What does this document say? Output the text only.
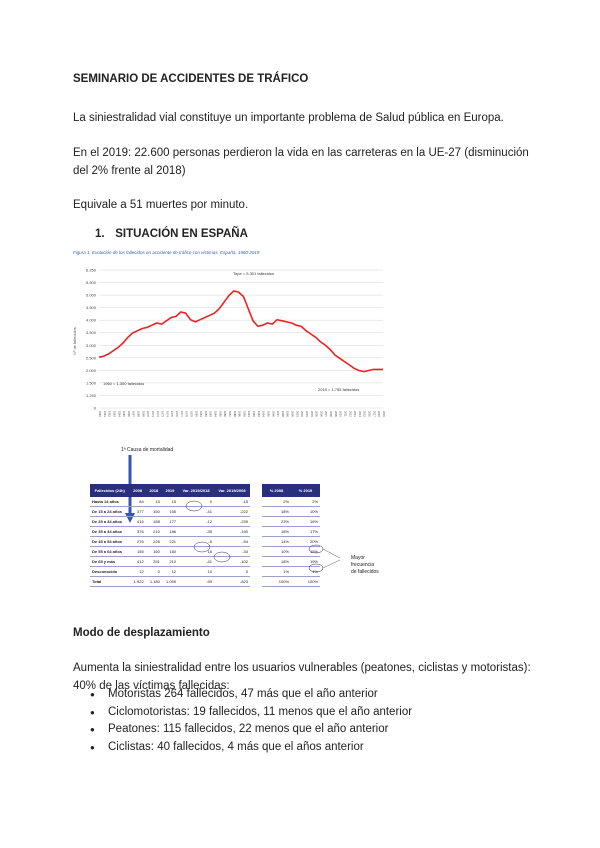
SEMINARIO DE ACCIDENTES DE TRÁFICO
La siniestralidad vial constituye un importante problema de Salud pública en Europa.
En el 2019: 22.600 personas perdieron la vida en las carreteras en la UE-27 (disminución
del 2% frente al 2018)
Equivale a 51 muertes por minuto.
1. SITUACIÓN EN ESPAÑA
Figura 1. Evolución de los fallecidos en accidente de tráfico con víctimas. España, 1960-2019
Nº de fallecidos
0
1.250
1.500
2.000
2.500
3.000
3.500
4.000
4.500
5.000
5.500
6.250
1960 1961 1962 1963 1964 1965 1966 1967 1968 1969 1970 1971 1972 1973 1974 1975 1976 1977 1978 1979 1980 1981 1982 1983 1984 1985 1986 1987 1988 1989 1990 1991 1992 1993 1994 1995 1996 1997 1998 1999 2000 2001 2002 2003 2004 2005 2006 2007 2008 2009 2010 2011 2012 2013 2014 2015 2016 2017 2018 2019
Tope = 5.301 fallecidos
1960 = 1.300 fallecidos
2019 = 1.755 fallecidos
1ª Causa de mortalidad
Fallecidos (24h)	2008	2018	2019	Var. 2019/2018	Var. 2019/2008
Hasta 14 años	84	15	15	0	-15
De 15 a 24 años	377	150	155	-41	-222
De 25 a 34 años	416	188	177	-12	-239
De 35 a 44 años	376	210	186	-35	-190
De 45 a 54 años	276	226	221	-5	-54
De 55 a 64 años	155	160	160	18	-34
De 65 y más	412	251	210	-41	-102
Desconocido	12	0	12	10	0
Total	1.922	1.180	1.099	-90	-823
% 2008	% 2019
2%	2%
18%	10%
23%	16%
18%	17%
14%	20%
10%	15%
18%	19%
1%	1%
100%	100%
Mayor
frecuencia
de fallecidos
Modo de desplazamiento
Aumenta la siniestralidad entre los usuarios vulnerables (peatones, ciclistas y motoristas):
40% de las víctimas fallecidas:
● Motoristas 264 fallecidos, 47 más que el año anterior
● Ciclomotoristas: 19 fallecidos, 11 menos que el año anterior
● Peatones: 115 fallecidos, 22 menos que el año anterior
● Ciclistas: 40 fallecidos, 4 más que el años anterior
